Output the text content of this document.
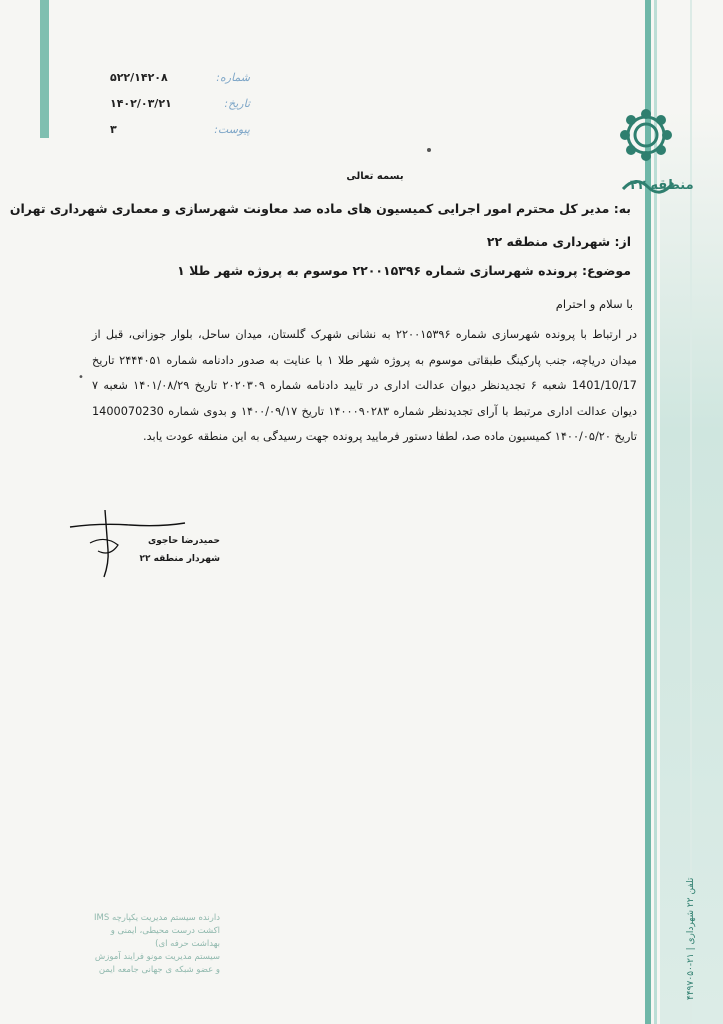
منطقه ۲۲
۴۴۹۷۰۵۰-۲۱ | تلفن ۲۲ شهرداری
شماره:
۵۲۲/۱۴۲۰۸
تاریخ:
۱۴۰۲/۰۳/۲۱
پیوست:
۳
بسمه تعالی
به: مدیر کل محترم امور اجرایی کمیسیون های ماده صد معاونت شهرسازی و معماری شهرداری تهران
از: شهرداری منطقه ۲۲
موضوع: پرونده شهرسازی شماره ۲۲۰۰۱۵۳۹۶ موسوم به پروژه شهر طلا ۱
با سلام و احترام
در ارتباط با پرونده شهرسازی شماره ۲۲۰۰۱۵۳۹۶ به نشانی شهرک گلستان، میدان ساحل، بلوار جوزانی، قبل از میدان دریاچه، جنب پارکینگ طبقاتی موسوم به پروژه شهر طلا ۱ با عنایت به صدور دادنامه شماره ۲۴۴۴۰۵۱ تاریخ 1401/10/17 شعبه ۶ تجدیدنظر دیوان عدالت اداری در تایید دادنامه شماره ۲۰۲۰۳۰۹ تاریخ ۱۴۰۱/۰۸/۲۹ شعبه ۷ دیوان عدالت اداری مرتبط با آرای تجدیدنظر شماره ۱۴۰۰۰۹۰۲۸۳ تاریخ ۱۴۰۰/۰۹/۱۷ و بدوی شماره 1400070230 تاریخ ۱۴۰۰/۰۵/۲۰ کمیسیون ماده صد، لطفا دستور فرمایید پرونده جهت رسیدگی به این منطقه عودت یابد.
•
حمیدرضا حاجوی
شهردار منطقه ۲۲
دارنده سیستم مدیریت یکپارچه IMS
اکشت درست محیطی، ایمنی و
بهداشت حرفه ای)
سیستم مدیریت مونو فرایند آموزش
و عضو شبکه ی جهانی جامعه ایمن
